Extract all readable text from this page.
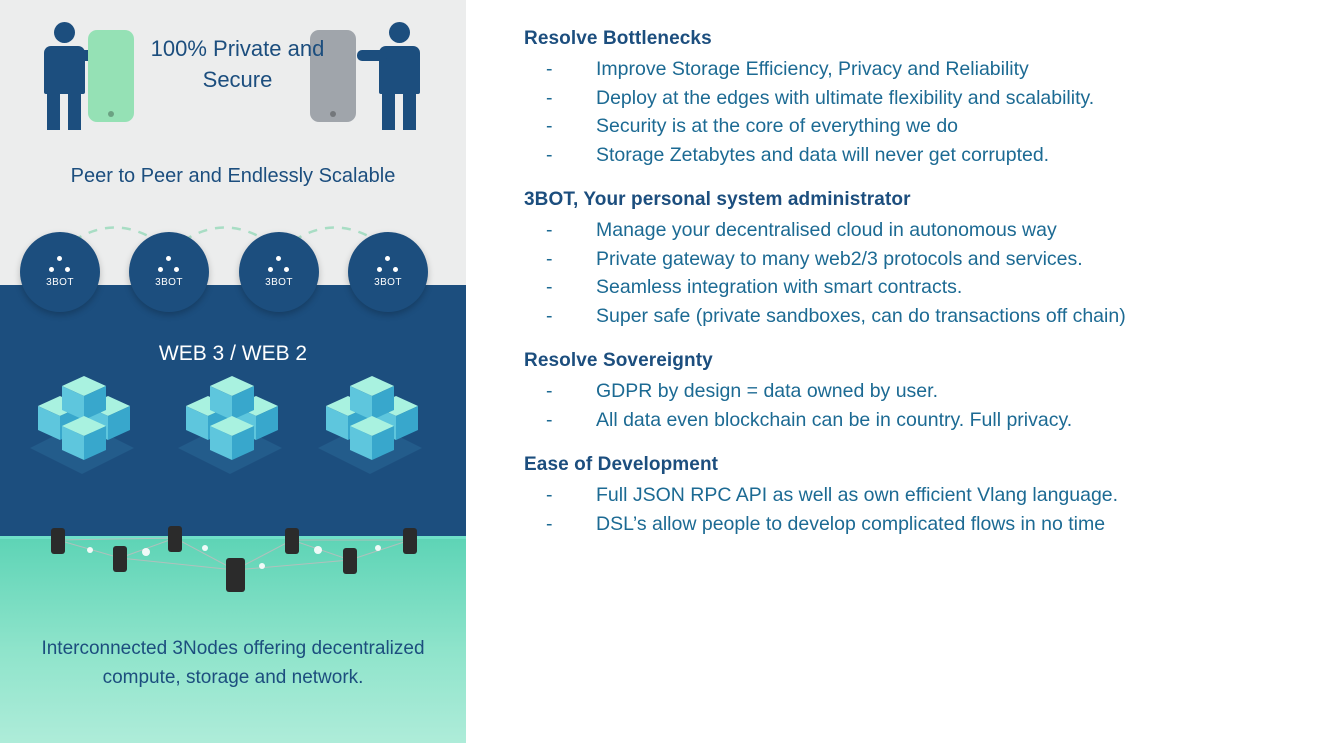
100% Private and Secure
Peer to Peer and Endlessly Scalable
3BOT	3BOT	3BOT	3BOT
WEB 3 / WEB 2
Interconnected 3Nodes offering decentralized compute, storage and network.
Resolve Bottlenecks
- Improve Storage Efficiency, Privacy and Reliability
- Deploy at the edges with ultimate flexibility and scalability.
- Security is at the core of everything we do
- Storage Zetabytes and data will never get corrupted.
3BOT, Your personal system administrator
- Manage your decentralised cloud in autonomous way
- Private gateway to many web2/3 protocols and services.
- Seamless integration with smart contracts.
- Super safe (private sandboxes, can do transactions off chain)
Resolve Sovereignty
- GDPR by design = data owned by user.
- All data even blockchain can be in country. Full privacy.
Ease of Development
- Full JSON RPC API as well as own efficient Vlang language.
- DSL’s allow people to develop complicated flows in no time
